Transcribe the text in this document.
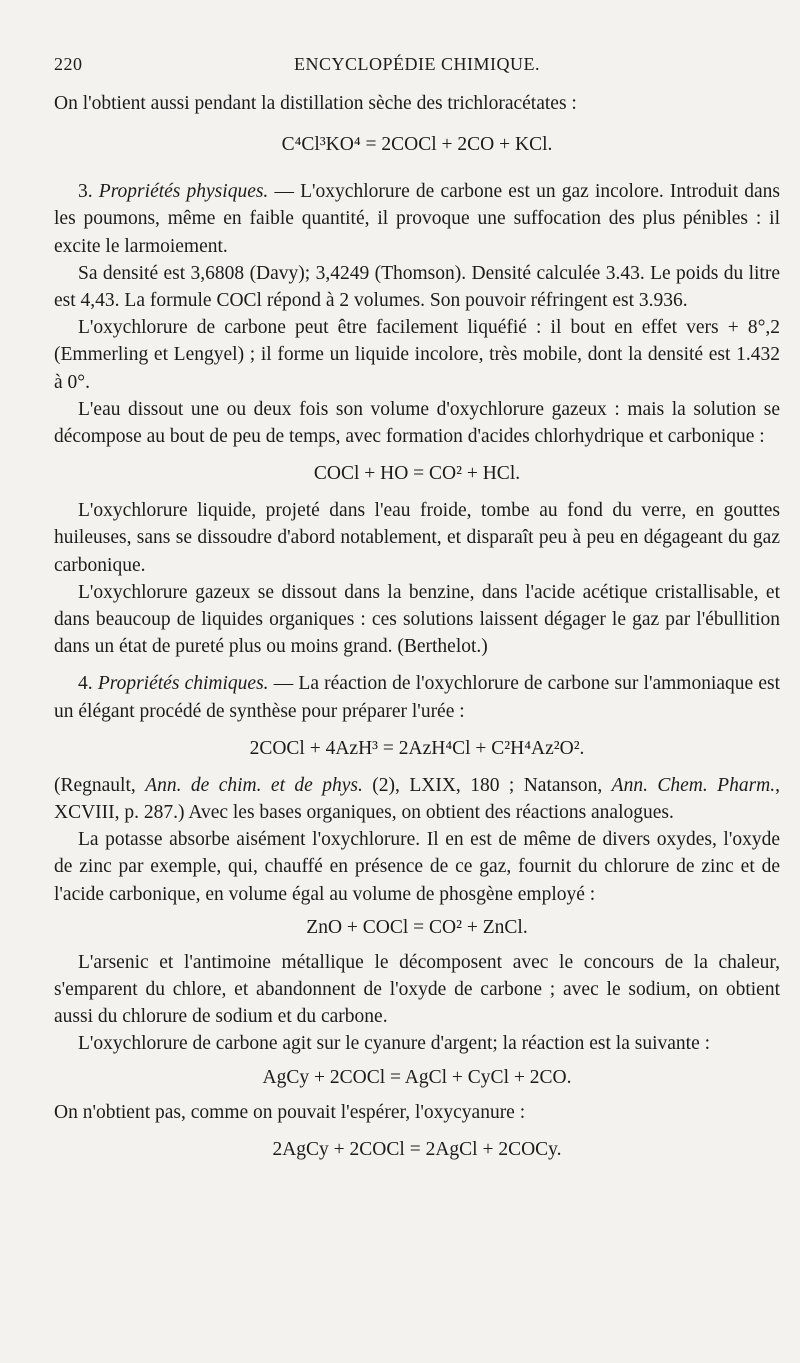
220	ENCYCLOPÉDIE CHIMIQUE.

On l'obtient aussi pendant la distillation sèche des trichloracétates :

C⁴Cl³KO⁴ = 2COCl + 2CO + KCl.

3. Propriétés physiques. — L'oxychlorure de carbone est un gaz incolore. Introduit dans les poumons, même en faible quantité, il provoque une suffocation des plus pénibles : il excite le larmoiement.

Sa densité est 3,6808 (Davy); 3,4249 (Thomson). Densité calculée 3.43. Le poids du litre est 4,43. La formule COCl répond à 2 volumes. Son pouvoir réfringent est 3.936.

L'oxychlorure de carbone peut être facilement liquéfié : il bout en effet vers + 8°,2 (Emmerling et Lengyel) ; il forme un liquide incolore, très mobile, dont la densité est 1.432 à 0°.

L'eau dissout une ou deux fois son volume d'oxychlorure gazeux : mais la solution se décompose au bout de peu de temps, avec formation d'acides chlorhydrique et carbonique :

COCl + HO = CO² + HCl.

L'oxychlorure liquide, projeté dans l'eau froide, tombe au fond du verre, en gouttes huileuses, sans se dissoudre d'abord notablement, et disparaît peu à peu en dégageant du gaz carbonique.

L'oxychlorure gazeux se dissout dans la benzine, dans l'acide acétique cristallisable, et dans beaucoup de liquides organiques : ces solutions laissent dégager le gaz par l'ébullition dans un état de pureté plus ou moins grand. (Berthelot.)

4. Propriétés chimiques. — La réaction de l'oxychlorure de carbone sur l'ammoniaque est un élégant procédé de synthèse pour préparer l'urée :

2COCl + 4AzH³ = 2AzH⁴Cl + C²H⁴Az²O².

(Regnault, Ann. de chim. et de phys. (2), LXIX, 180 ; Natanson, Ann. Chem. Pharm., XCVIII, p. 287.) Avec les bases organiques, on obtient des réactions analogues.

La potasse absorbe aisément l'oxychlorure. Il en est de même de divers oxydes, l'oxyde de zinc par exemple, qui, chauffé en présence de ce gaz, fournit du chlorure de zinc et de l'acide carbonique, en volume égal au volume de phosgène employé :

ZnO + COCl = CO² + ZnCl.

L'arsenic et l'antimoine métallique le décomposent avec le concours de la chaleur, s'emparent du chlore, et abandonnent de l'oxyde de carbone ; avec le sodium, on obtient aussi du chlorure de sodium et du carbone.

L'oxychlorure de carbone agit sur le cyanure d'argent; la réaction est la suivante :

AgCy + 2COCl = AgCl + CyCl + 2CO.

On n'obtient pas, comme on pouvait l'espérer, l'oxycyanure :

2AgCy + 2COCl = 2AgCl + 2COCy.
